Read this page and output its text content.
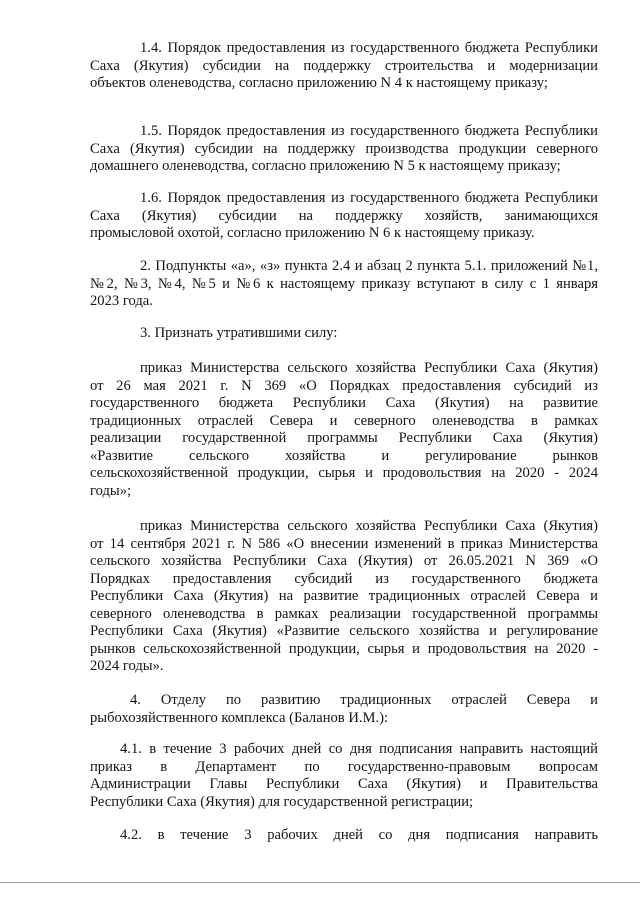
1.4. Порядок предоставления из государственного бюджета Республики
Саха (Якутия) субсидии на поддержку строительства и модернизации
объектов оленеводства, согласно приложению N 4 к настоящему приказу;
1.5. Порядок предоставления из государственного бюджета Республики
Саха (Якутия) субсидии на поддержку производства продукции северного
домашнего оленеводства, согласно приложению N 5 к настоящему приказу;
1.6. Порядок предоставления из государственного бюджета Республики
Саха (Якутия) субсидии на поддержку хозяйств, занимающихся
промысловой охотой, согласно приложению N 6 к настоящему приказу.
2. Подпункты «а», «з» пункта 2.4 и абзац 2 пункта 5.1. приложений №1,
№2, №3, №4, №5 и №6 к настоящему приказу вступают в силу с 1 января
2023 года.
3. Признать утратившими силу:
приказ Министерства сельского хозяйства Республики Саха (Якутия)
от 26 мая 2021 г. N 369 «О Порядках предоставления субсидий из
государственного бюджета Республики Саха (Якутия) на развитие
традиционных отраслей Севера и северного оленеводства в рамках
реализации государственной программы Республики Саха (Якутия)
«Развитие сельского хозяйства и регулирование рынков
сельскохозяйственной продукции, сырья и продовольствия на 2020 - 2024
годы»;
приказ Министерства сельского хозяйства Республики Саха (Якутия)
от 14 сентября 2021 г. N 586 «О внесении изменений в приказ Министерства
сельского хозяйства Республики Саха (Якутия) от 26.05.2021 N 369 «О
Порядках предоставления субсидий из государственного бюджета
Республики Саха (Якутия) на развитие традиционных отраслей Севера и
северного оленеводства в рамках реализации государственной программы
Республики Саха (Якутия) «Развитие сельского хозяйства и регулирование
рынков сельскохозяйственной продукции, сырья и продовольствия на 2020 -
2024 годы».
4. Отделу по развитию традиционных отраслей Севера и
рыбохозяйственного комплекса (Баланов И.М.):
4.1. в течение 3 рабочих дней со дня подписания направить настоящий
приказ в Департамент по государственно-правовым вопросам
Администрации Главы Республики Саха (Якутия) и Правительства
Республики Саха (Якутия) для государственной регистрации;
4.2. в течение 3 рабочих дней со дня подписания направить
